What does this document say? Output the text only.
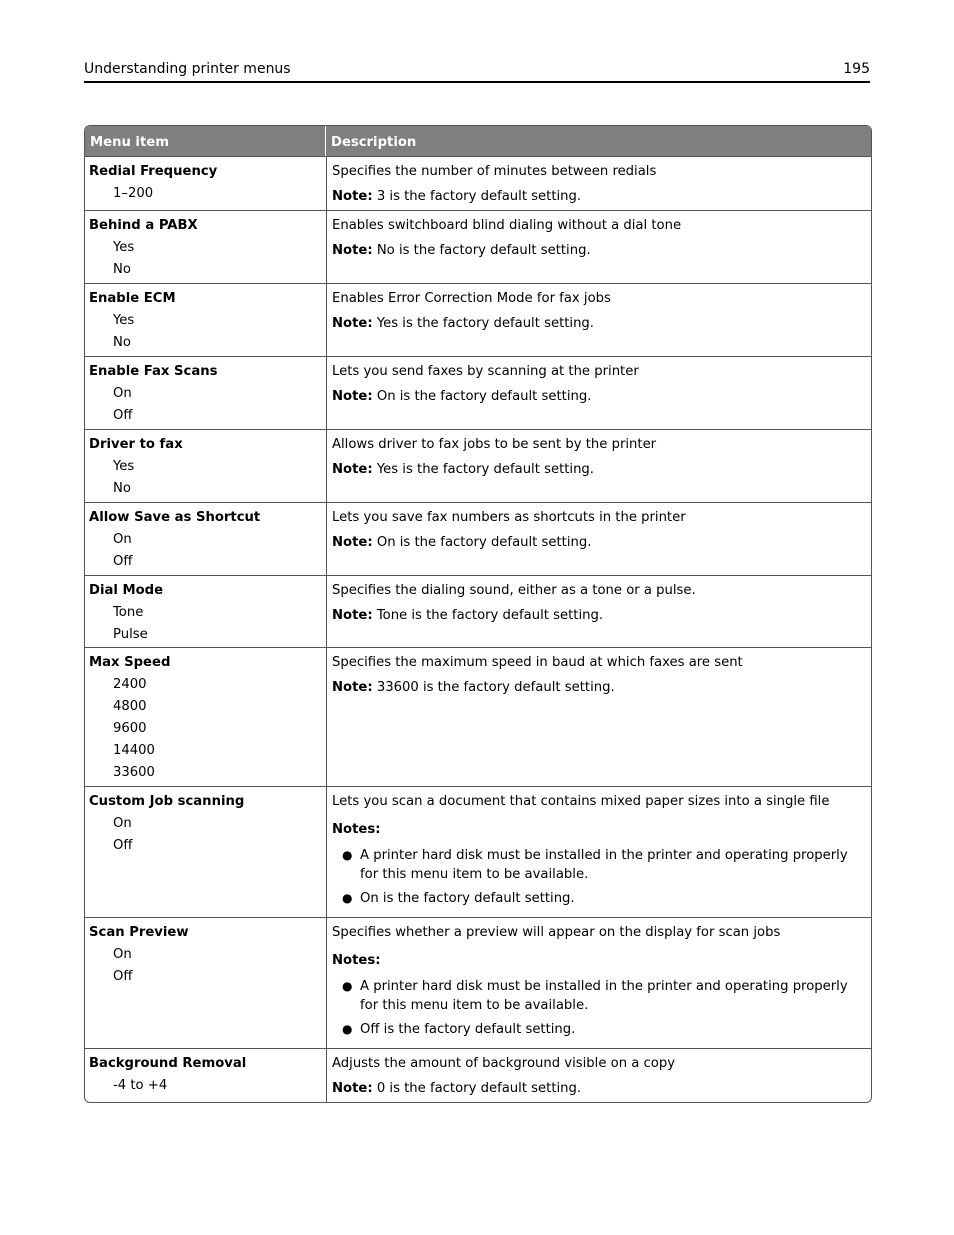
Understanding printer menus	195
Menu item	Description
Redial Frequency
1–200
Specifies the number of minutes between redials
Note: 3 is the factory default setting.
Behind a PABX
Yes
No
Enables switchboard blind dialing without a dial tone
Note: No is the factory default setting.
Enable ECM
Yes
No
Enables Error Correction Mode for fax jobs
Note: Yes is the factory default setting.
Enable Fax Scans
On
Off
Lets you send faxes by scanning at the printer
Note: On is the factory default setting.
Driver to fax
Yes
No
Allows driver to fax jobs to be sent by the printer
Note: Yes is the factory default setting.
Allow Save as Shortcut
On
Off
Lets you save fax numbers as shortcuts in the printer
Note: On is the factory default setting.
Dial Mode
Tone
Pulse
Specifies the dialing sound, either as a tone or a pulse.
Note: Tone is the factory default setting.
Max Speed
2400
4800
9600
14400
33600
Specifies the maximum speed in baud at which faxes are sent
Note: 33600 is the factory default setting.
Custom Job scanning
On
Off
Lets you scan a document that contains mixed paper sizes into a single file
Notes:
● A printer hard disk must be installed in the printer and operating properly for this menu item to be available.
● On is the factory default setting.
Scan Preview
On
Off
Specifies whether a preview will appear on the display for scan jobs
Notes:
● A printer hard disk must be installed in the printer and operating properly for this menu item to be available.
● Off is the factory default setting.
Background Removal
-4 to +4
Adjusts the amount of background visible on a copy
Note: 0 is the factory default setting.
